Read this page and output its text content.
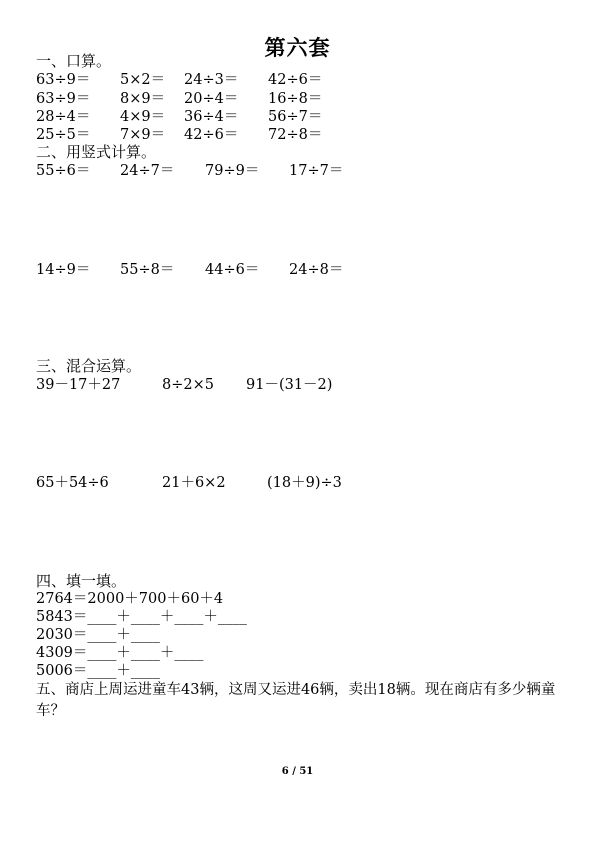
第六套
一、口算。
63÷9＝ 5×2＝ 24÷3＝ 42÷6＝
63÷9＝ 8×9＝ 20÷4＝ 16÷8＝
28÷4＝ 4×9＝ 36÷4＝ 56÷7＝
25÷5＝ 7×9＝ 42÷6＝ 72÷8＝
二、用竖式计算。
55÷6＝ 24÷7＝ 79÷9＝ 17÷7＝
14÷9＝ 55÷8＝ 44÷6＝ 24÷8＝
三、混合运算。
39－17＋27	8÷2×5 91－(31－2)
65＋54÷6	21＋6×2	(18＋9)÷3
四、填一填。
2764＝2000＋700＋60＋4
5843＝____＋____＋____＋____
2030＝____＋____
4309＝____＋____＋____
5006＝____＋____
五、商店上周运进童车43辆，这周又运进46辆，卖出18辆。现在商店有多少辆童车？
6 / 51
